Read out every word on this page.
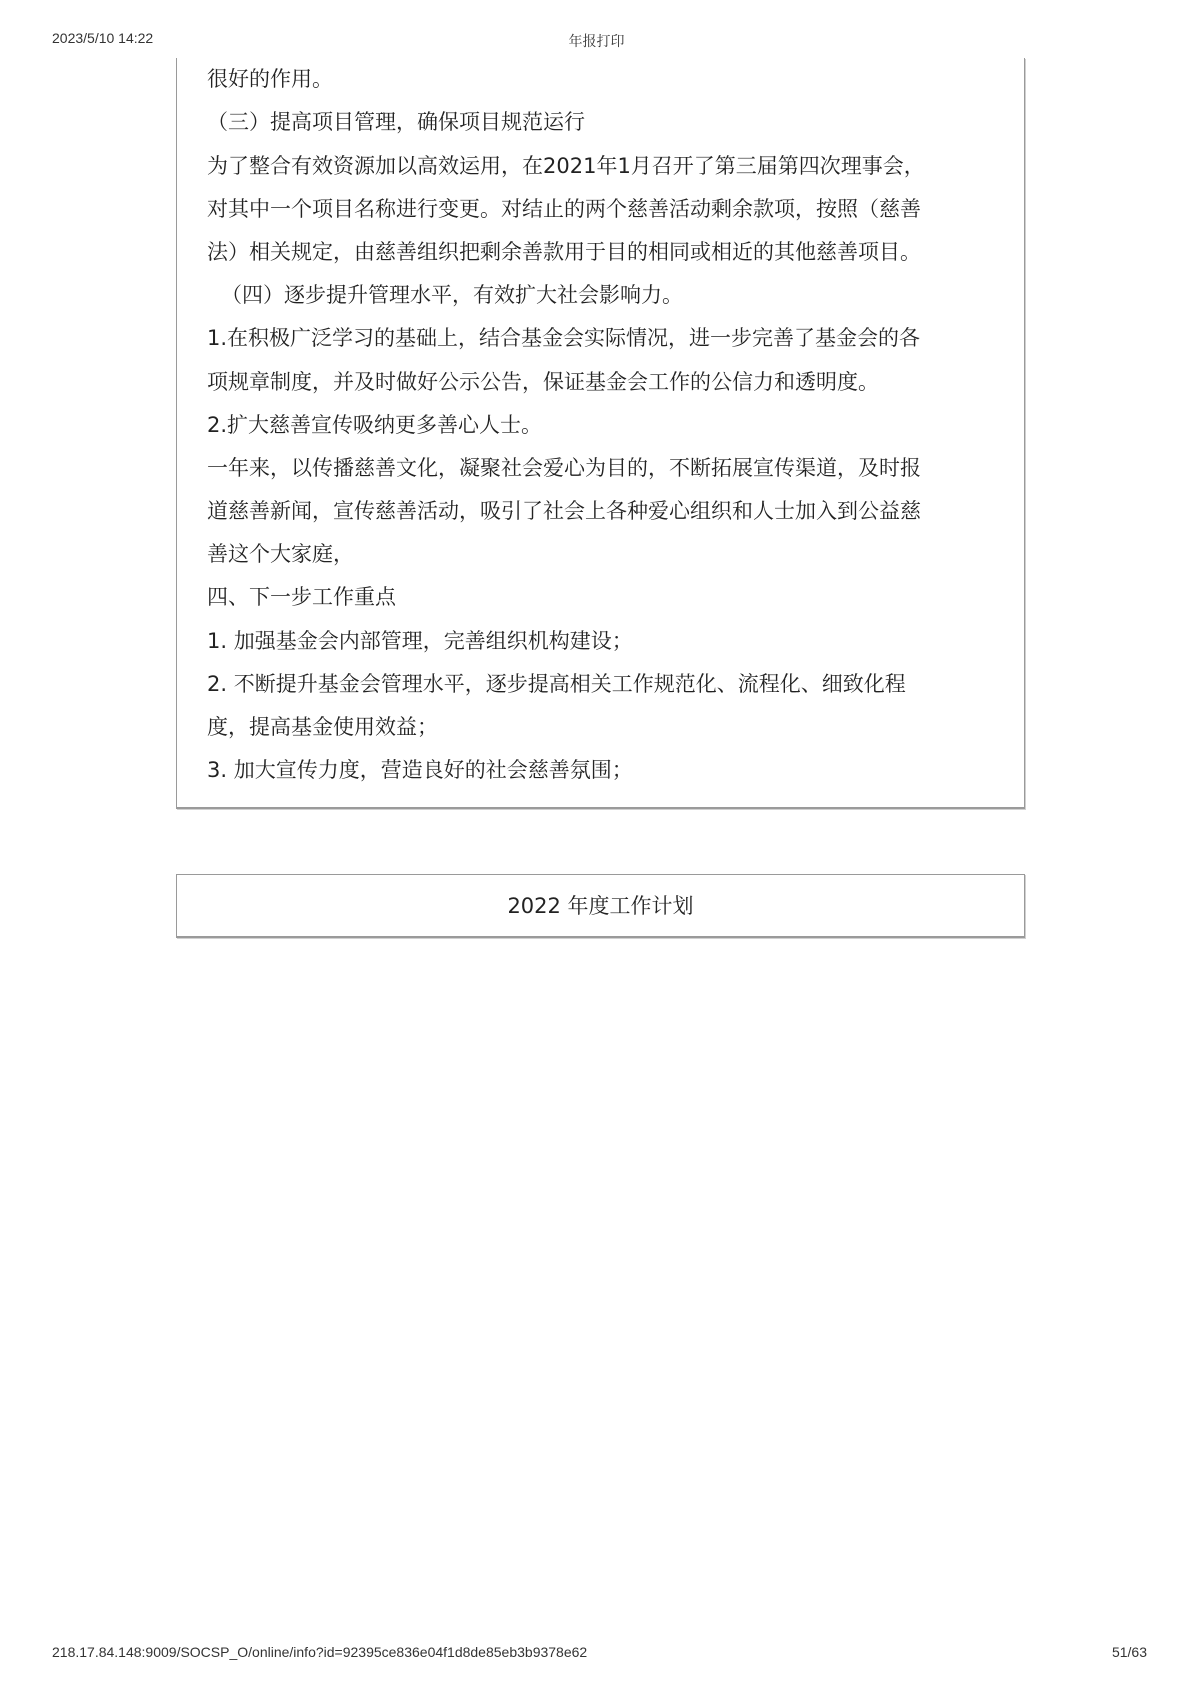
2023/5/10 14:22	年报打印
很好的作用。
（三）提高项目管理，确保项目规范运行
为了整合有效资源加以高效运用，在2021年1月召开了第三届第四次理事会，
对其中一个项目名称进行变更。对结止的两个慈善活动剩余款项，按照（慈善
法）相关规定，由慈善组织把剩余善款用于目的相同或相近的其他慈善项目。
（四）逐步提升管理水平，有效扩大社会影响力。
1.在积极广泛学习的基础上，结合基金会实际情况，进一步完善了基金会的各
项规章制度，并及时做好公示公告，保证基金会工作的公信力和透明度。
2.扩大慈善宣传吸纳更多善心人士。
一年来，以传播慈善文化，凝聚社会爱心为目的，不断拓展宣传渠道，及时报
道慈善新闻，宣传慈善活动，吸引了社会上各种爱心组织和人士加入到公益慈
善这个大家庭，
四、下一步工作重点
1. 加强基金会内部管理，完善组织机构建设；
2. 不断提升基金会管理水平，逐步提高相关工作规范化、流程化、细致化程
度，提高基金使用效益；
3. 加大宣传力度，营造良好的社会慈善氛围；
2022 年度工作计划
218.17.84.148:9009/SOCSP_O/online/info?id=92395ce836e04f1d8de85eb3b9378e62	51/63
